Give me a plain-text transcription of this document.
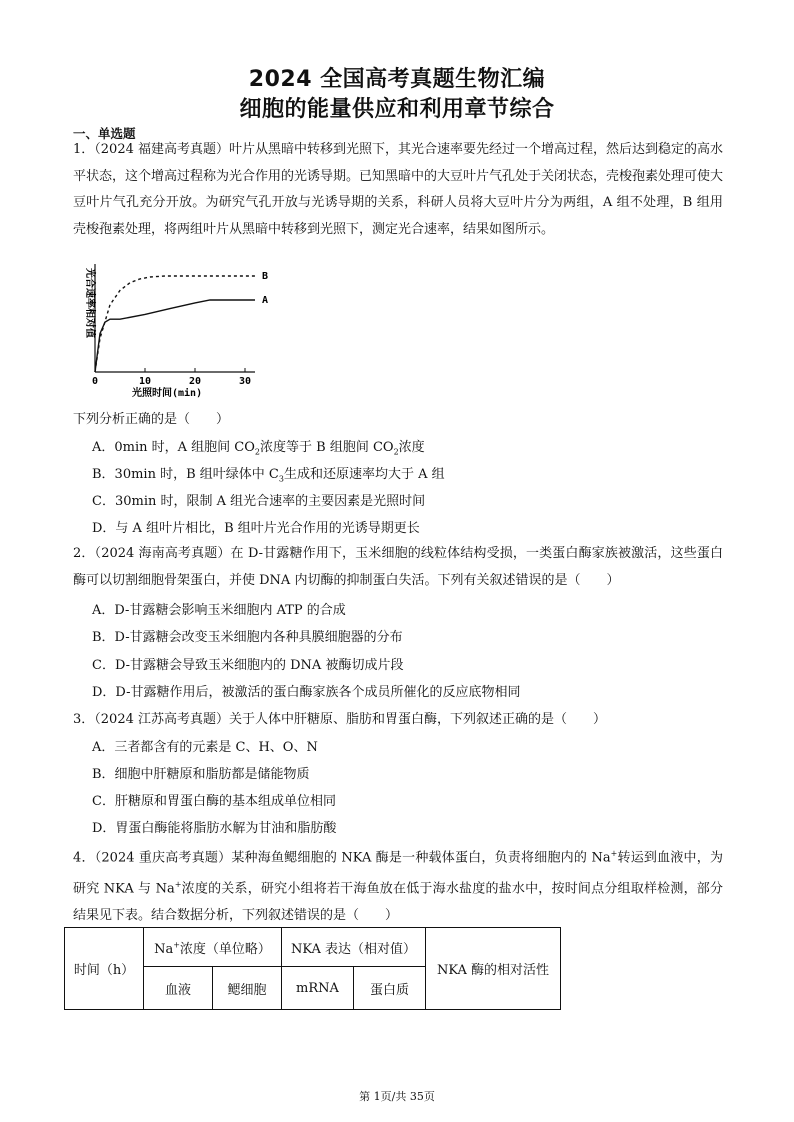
2024 全国高考真题生物汇编
细胞的能量供应和利用章节综合
一、单选题
1．（2024 福建高考真题）叶片从黑暗中转移到光照下，其光合速率要先经过一个增高过程，然后达到稳定的高水平状态，这个增高过程称为光合作用的光诱导期。已知黑暗中的大豆叶片气孔处于关闭状态，壳梭孢素处理可使大豆叶片气孔充分开放。为研究气孔开放与光诱导期的关系，科研人员将大豆叶片分为两组，A 组不处理，B 组用壳梭孢素处理，将两组叶片从黑暗中转移到光照下，测定光合速率，结果如图所示。
0	10	20	30
B
A
光合速率相对值
光照时间(min)
下列分析正确的是（　　）
A．0min 时，A 组胞间 $CO_2$浓度等于 B 组胞间 $CO_2$浓度
B．30min 时，B 组叶绿体中 $C_3$生成和还原速率均大于 A 组
C．30min 时，限制 A 组光合速率的主要因素是光照时间
D．与 A 组叶片相比，B 组叶片光合作用的光诱导期更长
2．（2024 海南高考真题）在 D-甘露糖作用下，玉米细胞的线粒体结构受损，一类蛋白酶家族被激活，这些蛋白酶可以切割细胞骨架蛋白，并使 DNA 内切酶的抑制蛋白失活。下列有关叙述错误的是（　　）
A．D-甘露糖会影响玉米细胞内 ATP 的合成
B．D-甘露糖会改变玉米细胞内各种具膜细胞器的分布
C．D-甘露糖会导致玉米细胞内的 DNA 被酶切成片段
D．D-甘露糖作用后，被激活的蛋白酶家族各个成员所催化的反应底物相同
3．（2024 江苏高考真题）关于人体中肝糖原、脂肪和胃蛋白酶，下列叙述正确的是（　　）
A．三者都含有的元素是 C、H、O、N
B．细胞中肝糖原和脂肪都是储能物质
C．肝糖原和胃蛋白酶的基本组成单位相同
D．胃蛋白酶能将脂肪水解为甘油和脂肪酸
4．（2024 重庆高考真题）某种海鱼鳃细胞的 NKA 酶是一种载体蛋白，负责将细胞内的 Na+转运到血液中，为研究 NKA 与 Na+浓度的关系，研究小组将若干海鱼放在低于海水盐度的盐水中，按时间点分组取样检测，部分结果见下表。结合数据分析，下列叙述错误的是（　　）
时间（h）	Na+浓度（单位略）		NKA 表达（相对值）		NKA 酶的相对活性
	血液	鳃细胞	mRNA	蛋白质	
第 1页/共 35页
